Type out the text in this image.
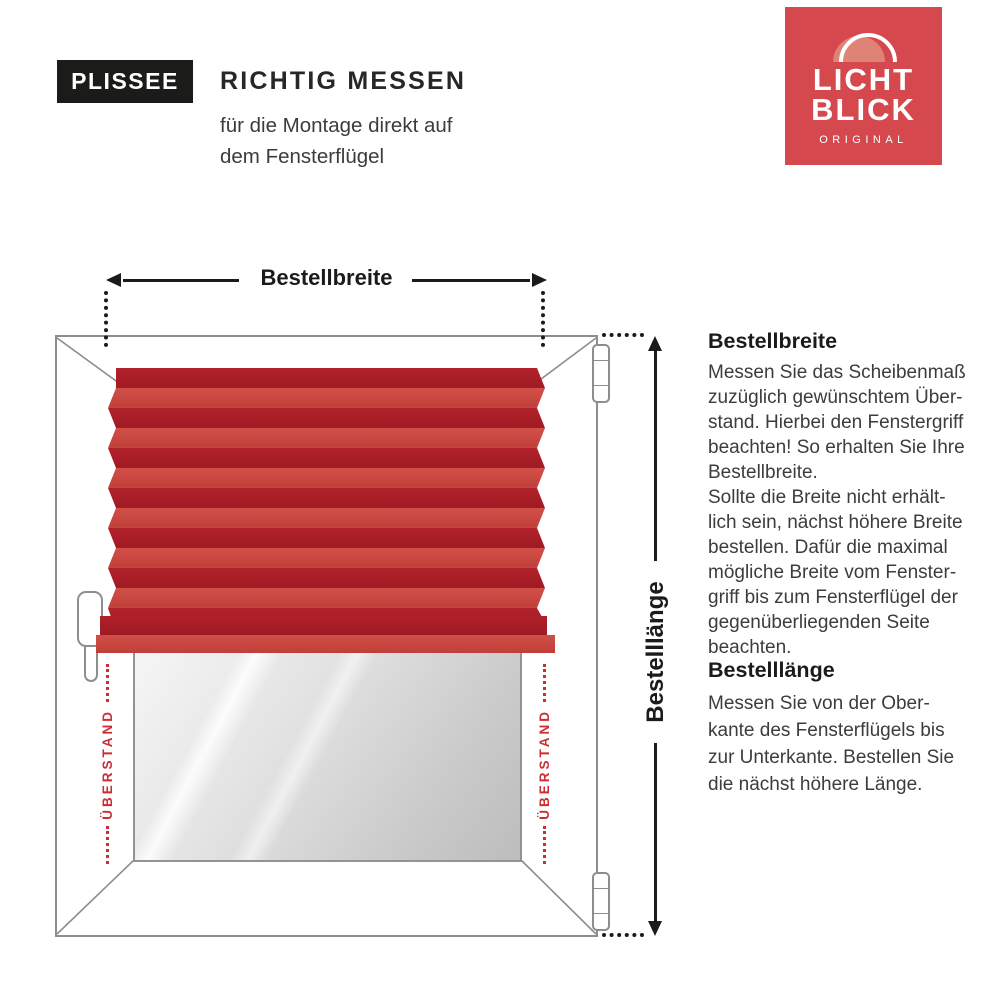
PLISSEE	RICHTIG MESSEN
für die Montage direkt auf
dem Fensterflügel
LICHT
BLICK
ORIGINAL
Bestellbreite
Bestelllänge
ÜBERSTAND	ÜBERSTAND
Bestellbreite
Messen Sie das Scheibenmaß
zuzüglich gewünschtem Über-
stand. Hierbei den Fenstergriff
beachten! So erhalten Sie Ihre
Bestellbreite.
Sollte die Breite nicht erhält-
lich sein, nächst höhere Breite
bestellen. Dafür die maximal
mögliche Breite vom Fenster-
griff bis zum Fensterflügel der
gegenüberliegenden Seite
beachten.
Bestelllänge
Messen Sie von der Ober-
kante des Fensterflügels bis
zur Unterkante. Bestellen Sie
die nächst höhere Länge.
